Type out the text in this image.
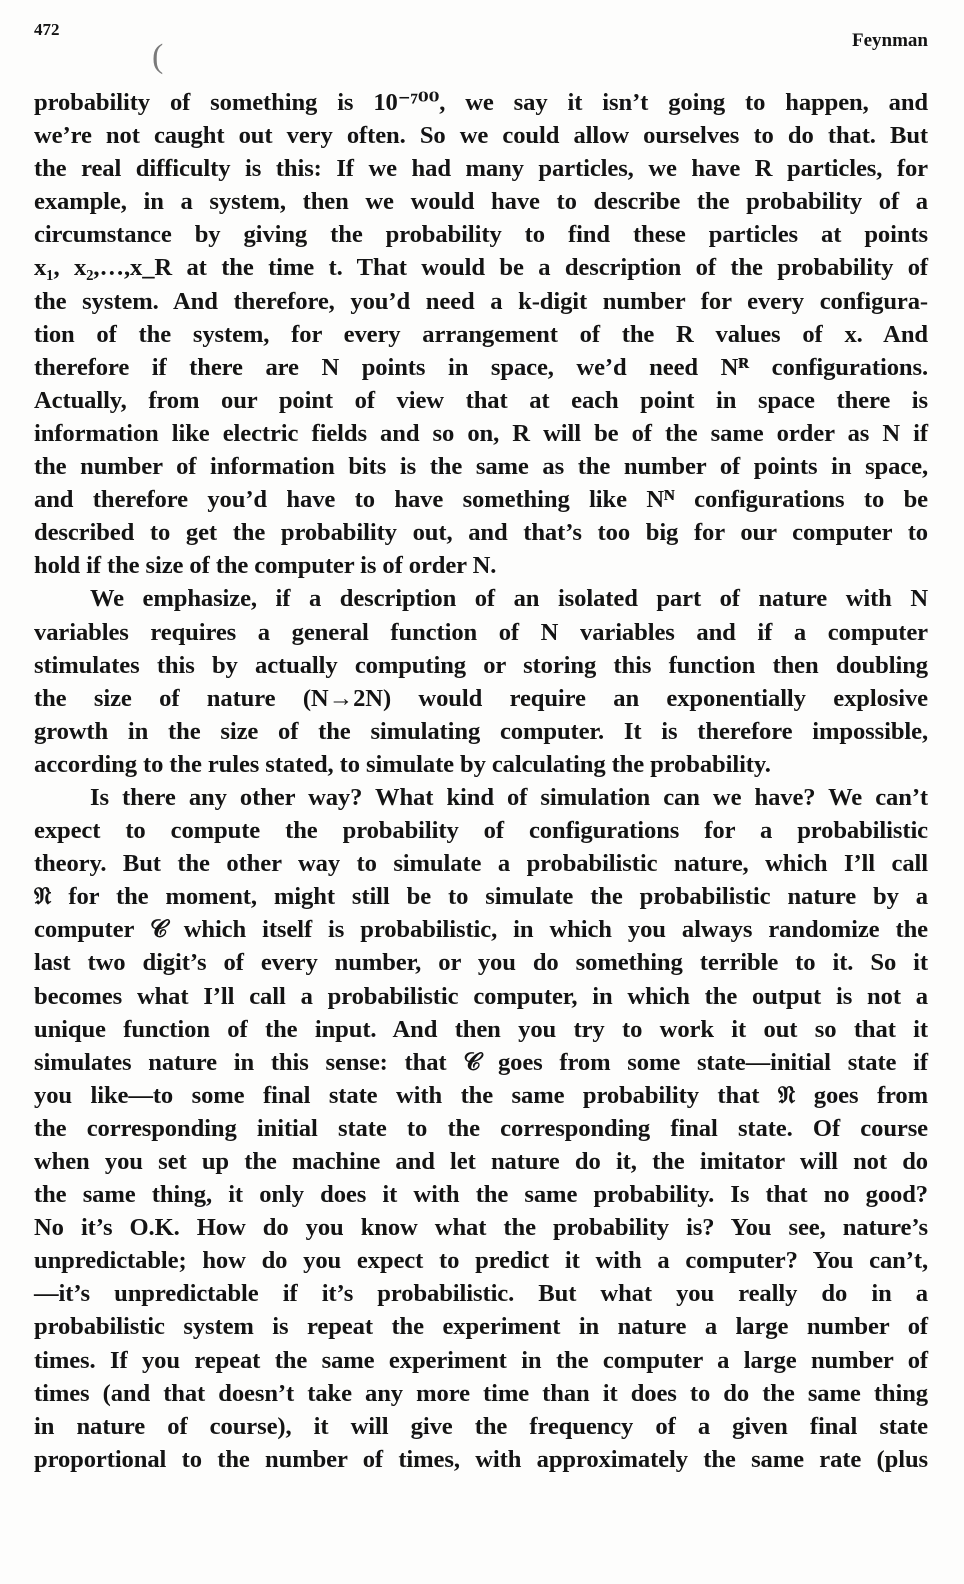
472
(	Feynman
probability of something is 10⁻⁷⁰⁰, we say it isn’t going to happen, and
we’re not caught out very often. So we could allow ourselves to do that. But
the real difficulty is this: If we had many particles, we have R particles, for
example, in a system, then we would have to describe the probability of a
circumstance by giving the probability to find these particles at points
x₁, x₂,…,x_R at the time t. That would be a description of the probability of
the system. And therefore, you’d need a k-digit number for every configura-
tion of the system, for every arrangement of the R values of x. And
therefore if there are N points in space, we’d need Nᴿ configurations.
Actually, from our point of view that at each point in space there is
information like electric fields and so on, R will be of the same order as N if
the number of information bits is the same as the number of points in space,
and therefore you’d have to have something like Nᴺ configurations to be
described to get the probability out, and that’s too big for our computer to
hold if the size of the computer is of order N.
We emphasize, if a description of an isolated part of nature with N
variables requires a general function of N variables and if a computer
stimulates this by actually computing or storing this function then doubling
the size of nature (N→2N) would require an exponentially explosive
growth in the size of the simulating computer. It is therefore impossible,
according to the rules stated, to simulate by calculating the probability.
Is there any other way? What kind of simulation can we have? We can’t
expect to compute the probability of configurations for a probabilistic
theory. But the other way to simulate a probabilistic nature, which I’ll call
𝔑 for the moment, might still be to simulate the probabilistic nature by a
computer 𝒞 which itself is probabilistic, in which you always randomize the
last two digit’s of every number, or you do something terrible to it. So it
becomes what I’ll call a probabilistic computer, in which the output is not a
unique function of the input. And then you try to work it out so that it
simulates nature in this sense: that 𝒞 goes from some state—initial state if
you like—to some final state with the same probability that 𝔑 goes from
the corresponding initial state to the corresponding final state. Of course
when you set up the machine and let nature do it, the imitator will not do
the same thing, it only does it with the same probability. Is that no good?
No it’s O.K. How do you know what the probability is? You see, nature’s
unpredictable; how do you expect to predict it with a computer? You can’t,
—it’s unpredictable if it’s probabilistic. But what you really do in a
probabilistic system is repeat the experiment in nature a large number of
times. If you repeat the same experiment in the computer a large number of
times (and that doesn’t take any more time than it does to do the same thing
in nature of course), it will give the frequency of a given final state
proportional to the number of times, with approximately the same rate (plus
